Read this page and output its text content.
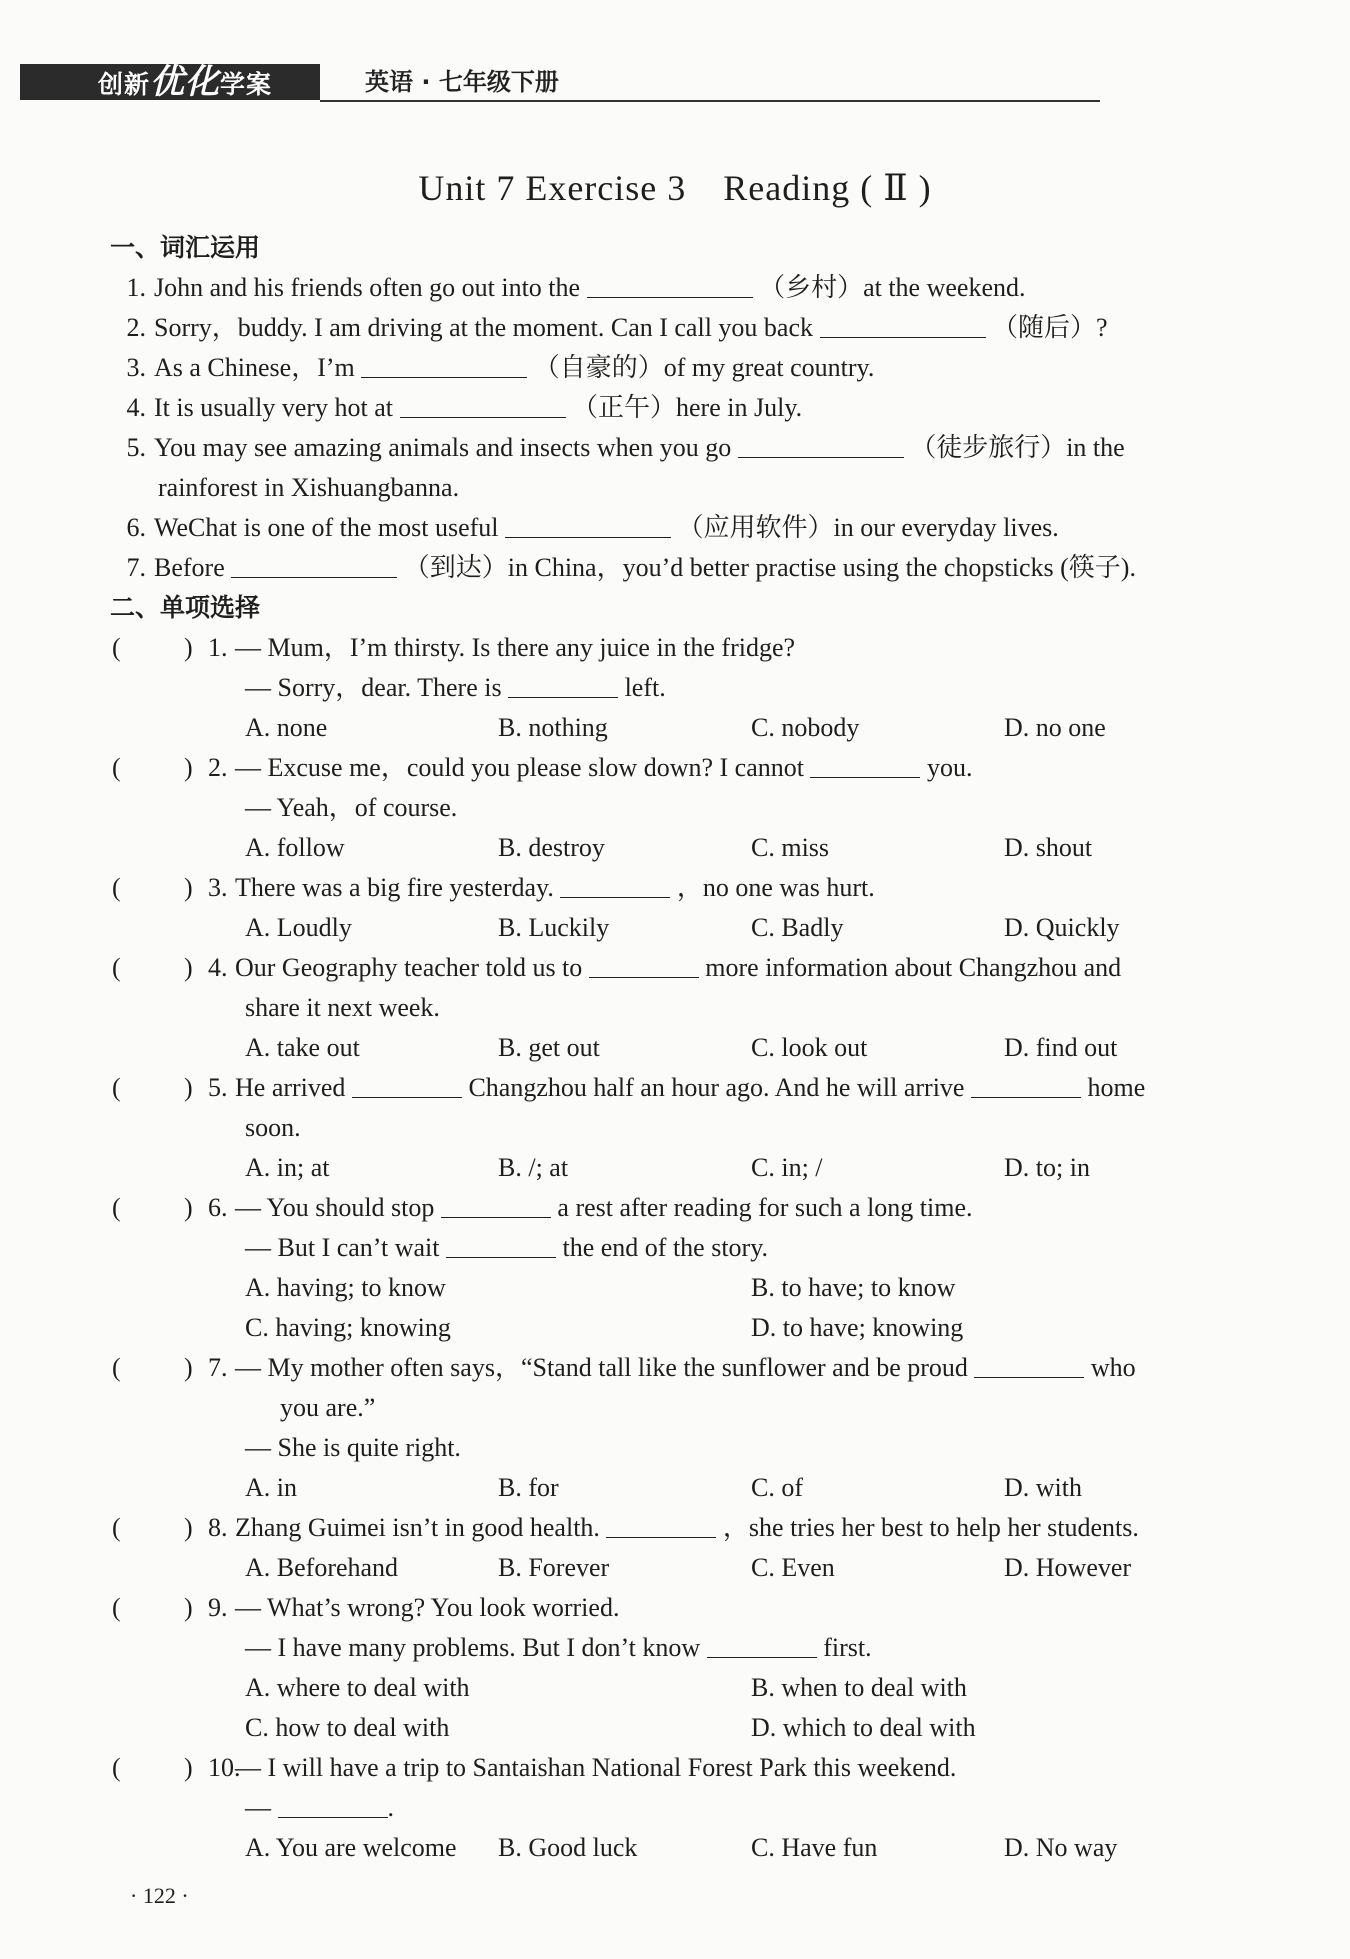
创新优化学案	英语 · 七年级下册
Unit 7 Exercise 3　Reading ( Ⅱ )
一、词汇运用
1. John and his friends often go out into the	（乡村）at the weekend.
2. Sorry，buddy. I am driving at the moment. Can I call you back	（随后）?
3. As a Chinese，I’m	（自豪的）of my great country.
4. It is usually very hot at	（正午）here in July.
5. You may see amazing animals and insects when you go	（徒步旅行）in the
rainforest in Xishuangbanna.
6. WeChat is one of the most useful	（应用软件）in our everyday lives.
7. Before	（到达）in China，you’d better practise using the chopsticks (筷子).
二、单项选择
( ) 1. — Mum，I’m thirsty. Is there any juice in the fridge?
— Sorry，dear. There is	left.
A. none	B. nothing	C. nobody	D. no one
( ) 2. — Excuse me，could you please slow down? I cannot	you.
— Yeah，of course.
A. follow	B. destroy	C. miss	D. shout
( ) 3. There was a big fire yesterday.	，no one was hurt.
A. Loudly	B. Luckily	C. Badly	D. Quickly
( ) 4. Our Geography teacher told us to	more information about Changzhou and
share it next week.
A. take out	B. get out	C. look out	D. find out
( ) 5. He arrived	Changzhou half an hour ago. And he will arrive	home
soon.
A. in; at	B. /; at	C. in; /	D. to; in
( ) 6. — You should stop	a rest after reading for such a long time.
— But I can’t wait	the end of the story.
A. having; to know	B. to have; to know
C. having; knowing	D. to have; knowing
( ) 7. — My mother often says，“Stand tall like the sunflower and be proud	who
you are.”
— She is quite right.
A. in	B. for	C. of	D. with
( ) 8. Zhang Guimei isn’t in good health.	，she tries her best to help her students.
A. Beforehand	B. Forever	C. Even	D. However
( ) 9. — What’s wrong? You look worried.
— I have many problems. But I don’t know	first.
A. where to deal with	B. when to deal with
C. how to deal with	D. which to deal with
( ) 10.
— I will have a trip to Santaishan National Forest Park this weekend.
—	.
A. You are welcome	B. Good luck	C. Have fun	D. No way
· 122 ·
